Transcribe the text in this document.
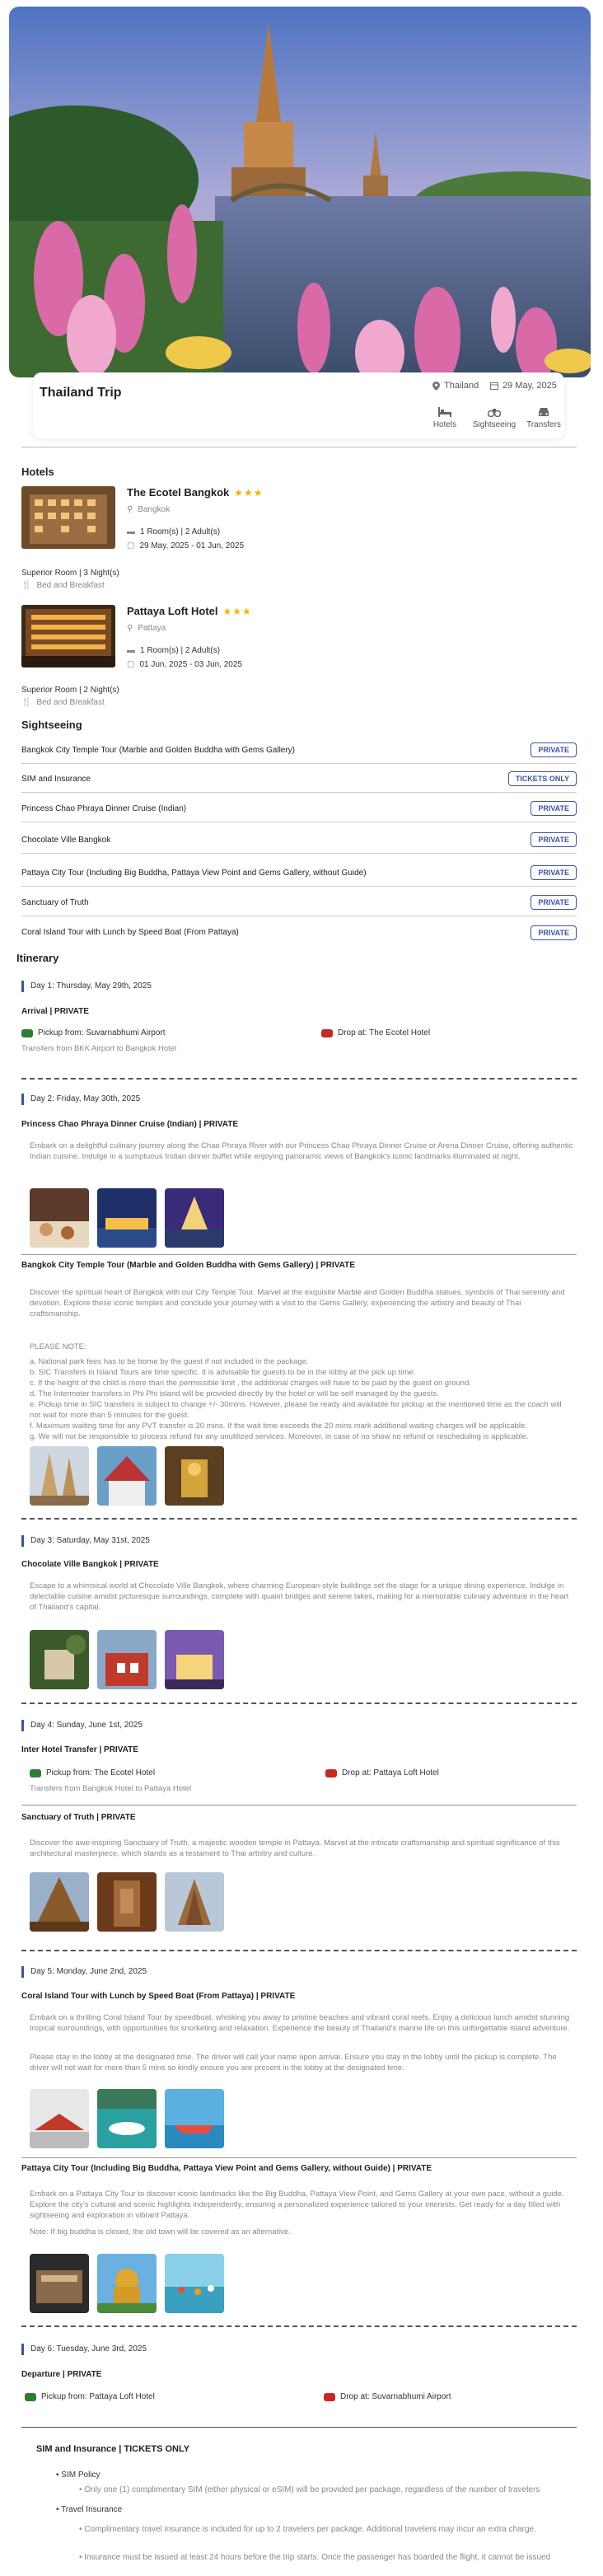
Thailand Trip	Thailand	29 May, 2025
Hotels	Sightseeing	Transfers
Hotels
The Ecotel Bangkok ★★★
⚲ Bangkok
▬ 1 Room(s) | 2 Adult(s)
▢ 29 May, 2025 - 01 Jun, 2025
Superior Room | 3 Night(s)
🍴 Bed and Breakfast
Pattaya Loft Hotel ★★★
⚲ Pattaya
▬ 1 Room(s) | 2 Adult(s)
▢ 01 Jun, 2025 - 03 Jun, 2025
Superior Room | 2 Night(s)
🍴 Bed and Breakfast
Sightseeing
Bangkok City Temple Tour (Marble and Golden Buddha with Gems Gallery)	PRIVATE
SIM and Insurance	TICKETS ONLY
Princess Chao Phraya Dinner Cruise (Indian)	PRIVATE
Chocolate Ville Bangkok	PRIVATE
Pattaya City Tour (Including Big Buddha, Pattaya View Point and Gems Gallery, without Guide)	PRIVATE
Sanctuary of Truth	PRIVATE
Coral Island Tour with Lunch by Speed Boat (From Pattaya)	PRIVATE
Itinerary
Day 1: Thursday, May 29th, 2025
Arrival | PRIVATE
Pickup from: Suvarnabhumi Airport	Drop at: The Ecotel Hotel
Transfers from BKK Airport to Bangkok Hotel
Day 2: Friday, May 30th, 2025
Princess Chao Phraya Dinner Cruise (Indian) | PRIVATE
Embark on a delightful culinary journey along the Chao Phraya River with our Princess Chao Phraya Dinner Cruise or Arena Dinner Cruise, offering authentic Indian cuisine. Indulge in a sumptuous Indian dinner buffet while enjoying panoramic views of Bangkok's iconic landmarks illuminated at night.
Bangkok City Temple Tour (Marble and Golden Buddha with Gems Gallery) | PRIVATE
Discover the spiritual heart of Bangkok with our City Temple Tour. Marvel at the exquisite Marble and Golden Buddha statues, symbols of Thai serenity and devotion. Explore these iconic temples and conclude your journey with a visit to the Gems Gallery, experiencing the artistry and beauty of Thai craftsmanship.
PLEASE NOTE:
a. National park fees has to be borne by the guest if not included in the package.
b. SIC Transfers in Island Tours are time specific. It is advisable for guests to be in the lobby at the pick up time.
c. If the height of the child is more than the permissible limit , the additional charges will have to be paid by the guest on ground.
d. The Intermoter transfers in Phi Phi island will be provided directly by the hotel or will be self managed by the guests.
e. Pickup time in SIC transfers is subject to change +/- 30mins. However, please be ready and available for pickup at the mentioned time as the coach will not wait for more than 5 minutes for the guest.
f. Maximum waiting time for any PVT transfer is 20 mins. If the wait time exceeds the 20 mins mark additional waiting charges will be applicable.
g. We will not be responsible to process refund for any unutilized services. Moreover, in case of no show no refund or rescheduling is applicable.
Day 3: Saturday, May 31st, 2025
Chocolate Ville Bangkok | PRIVATE
Escape to a whimsical world at Chocolate Ville Bangkok, where charming European-style buildings set the stage for a unique dining experience. Indulge in delectable cuisine amidst picturesque surroundings, complete with quaint bridges and serene lakes, making for a memorable culinary adventure in the heart of Thailand's capital.
Day 4: Sunday, June 1st, 2025
Inter Hotel Transfer | PRIVATE
Pickup from: The Ecotel Hotel	Drop at: Pattaya Loft Hotel
Transfers from Bangkok Hotel to Pattaya Hotel
Sanctuary of Truth | PRIVATE
Discover the awe-inspiring Sanctuary of Truth, a majestic wooden temple in Pattaya. Marvel at the intricate craftsmanship and spiritual significance of this architectural masterpiece, which stands as a testament to Thai artistry and culture.
Day 5: Monday, June 2nd, 2025
Coral Island Tour with Lunch by Speed Boat (From Pattaya) | PRIVATE
Embark on a thrilling Coral Island Tour by speedboat, whisking you away to pristine beaches and vibrant coral reefs. Enjoy a delicious lunch amidst stunning tropical surroundings, with opportunities for snorkeling and relaxation. Experience the beauty of Thailand's marine life on this unforgettable island adventure.
Please stay in the lobby at the designated time. The driver will call your name upon arrival. Ensure you stay in the lobby until the pickup is complete. The driver will not wait for more than 5 mins so kindly ensure you are present in the lobby at the designated time.
Pattaya City Tour (Including Big Buddha, Pattaya View Point and Gems Gallery, without Guide) | PRIVATE
Embark on a Pattaya City Tour to discover iconic landmarks like the Big Buddha, Pattaya View Point, and Gems Gallery at your own pace, without a guide. Explore the city's cultural and scenic highlights independently, ensuring a personalized experience tailored to your interests. Get ready for a day filled with sightseeing and exploration in vibrant Pattaya.
Note: If big buddha is closed, the old town will be covered as an alternative.
Day 6: Tuesday, June 3rd, 2025
Departure | PRIVATE
Pickup from: Pattaya Loft Hotel	Drop at: Suvarnabhumi Airport
SIM and Insurance | TICKETS ONLY
• SIM Policy
• Only one (1) complimentary SIM (either physical or eSIM) will be provided per package, regardless of the number of travelers
• Travel Insurance
• Complimentary travel insurance is included for up to 2 travelers per package. Additional travelers may incur an extra charge.
• Insurance must be issued at least 24 hours before the trip starts. Once the passenger has boarded the flight, it cannot be issued
